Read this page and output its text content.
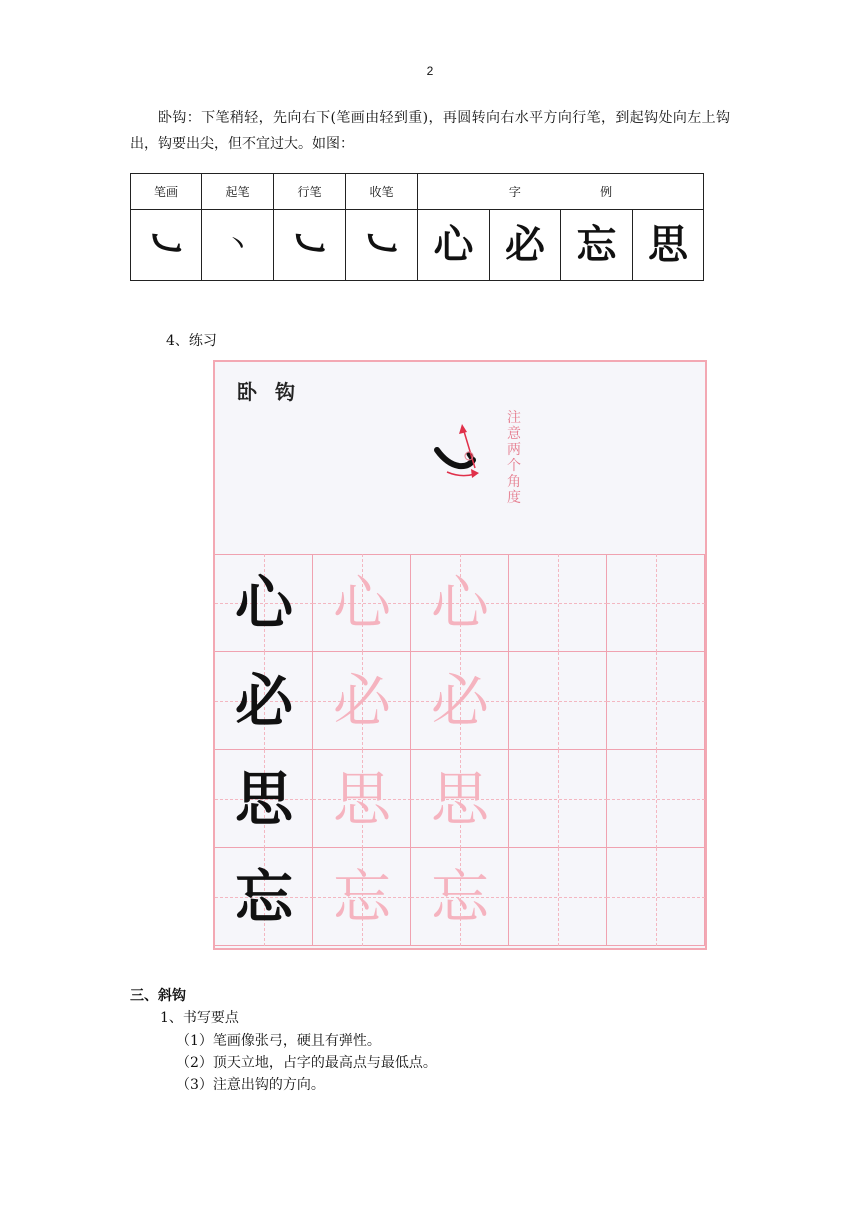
2

卧钩：下笔稍轻，先向右下(笔画由轻到重)，再圆转向右水平方向行笔，到起钩处向左上钩出，钩要出尖，但不宜过大。如图：

笔画	起笔	行笔	收笔	字 例			
㇃	丶	㇃	㇃	心	必	忘	思
4、练习
卧钩
注意两个角度
心 心 心
必 必 必
思 思 思
忘 忘 忘
三、斜钩
1、书写要点
（1）笔画像张弓，硬且有弹性。
（2）顶天立地，占字的最高点与最低点。
（3）注意出钩的方向。
